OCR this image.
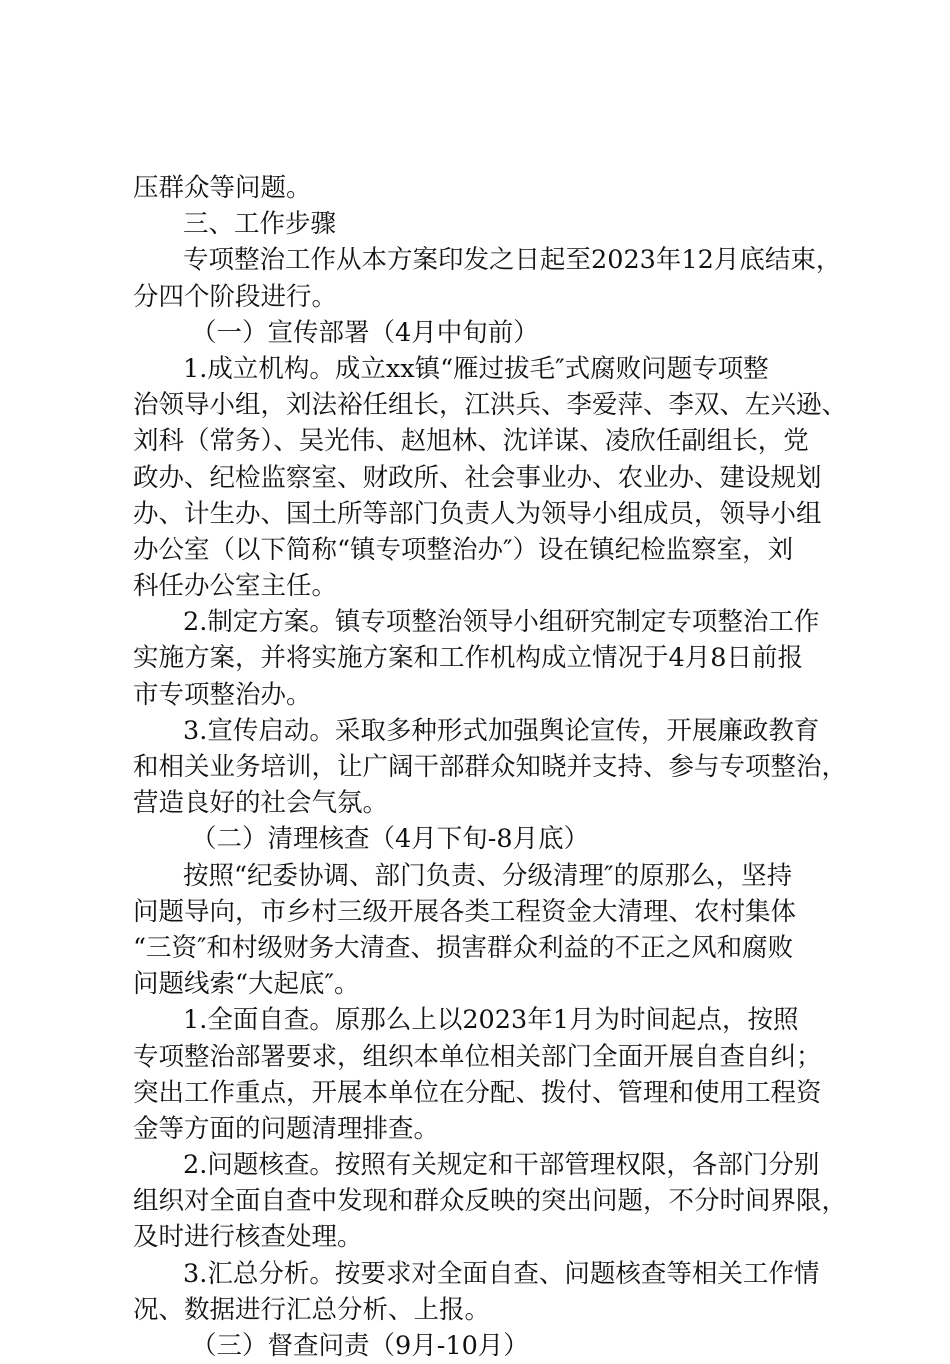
压群众等问题。
三、工作步骤
专项整治工作从本方案印发之日起至2023年12月底结束，
分四个阶段进行。
（一）宣传部署（4月中旬前）
1.成立机构。成立xx镇“雁过拔毛″式腐败问题专项整
治领导小组，刘法裕任组长，江洪兵、李爱萍、李双、左兴逊、
刘科（常务）、吴光伟、赵旭林、沈详谋、凌欣任副组长，党
政办、纪检监察室、财政所、社会事业办、农业办、建设规划
办、计生办、国土所等部门负责人为领导小组成员，领导小组
办公室（以下简称“镇专项整治办″）设在镇纪检监察室，刘
科任办公室主任。
2.制定方案。镇专项整治领导小组研究制定专项整治工作
实施方案，并将实施方案和工作机构成立情况于4月8日前报
市专项整治办。
3.宣传启动。采取多种形式加强舆论宣传，开展廉政教育
和相关业务培训，让广阔干部群众知晓并支持、参与专项整治，
营造良好的社会气氛。
（二）清理核查（4月下旬-8月底）
按照“纪委协调、部门负责、分级清理″的原那么，坚持
问题导向，市乡村三级开展各类工程资金大清理、农村集体
“三资″和村级财务大清查、损害群众利益的不正之风和腐败
问题线索“大起底″。
1.全面自查。原那么上以2023年1月为时间起点，按照
专项整治部署要求，组织本单位相关部门全面开展自查自纠；
突出工作重点，开展本单位在分配、拨付、管理和使用工程资
金等方面的问题清理排查。
2.问题核查。按照有关规定和干部管理权限，各部门分别
组织对全面自查中发现和群众反映的突出问题，不分时间界限，
及时进行核查处理。
3.汇总分析。按要求对全面自查、问题核查等相关工作情
况、数据进行汇总分析、上报。
（三）督查问责（9月-10月）
